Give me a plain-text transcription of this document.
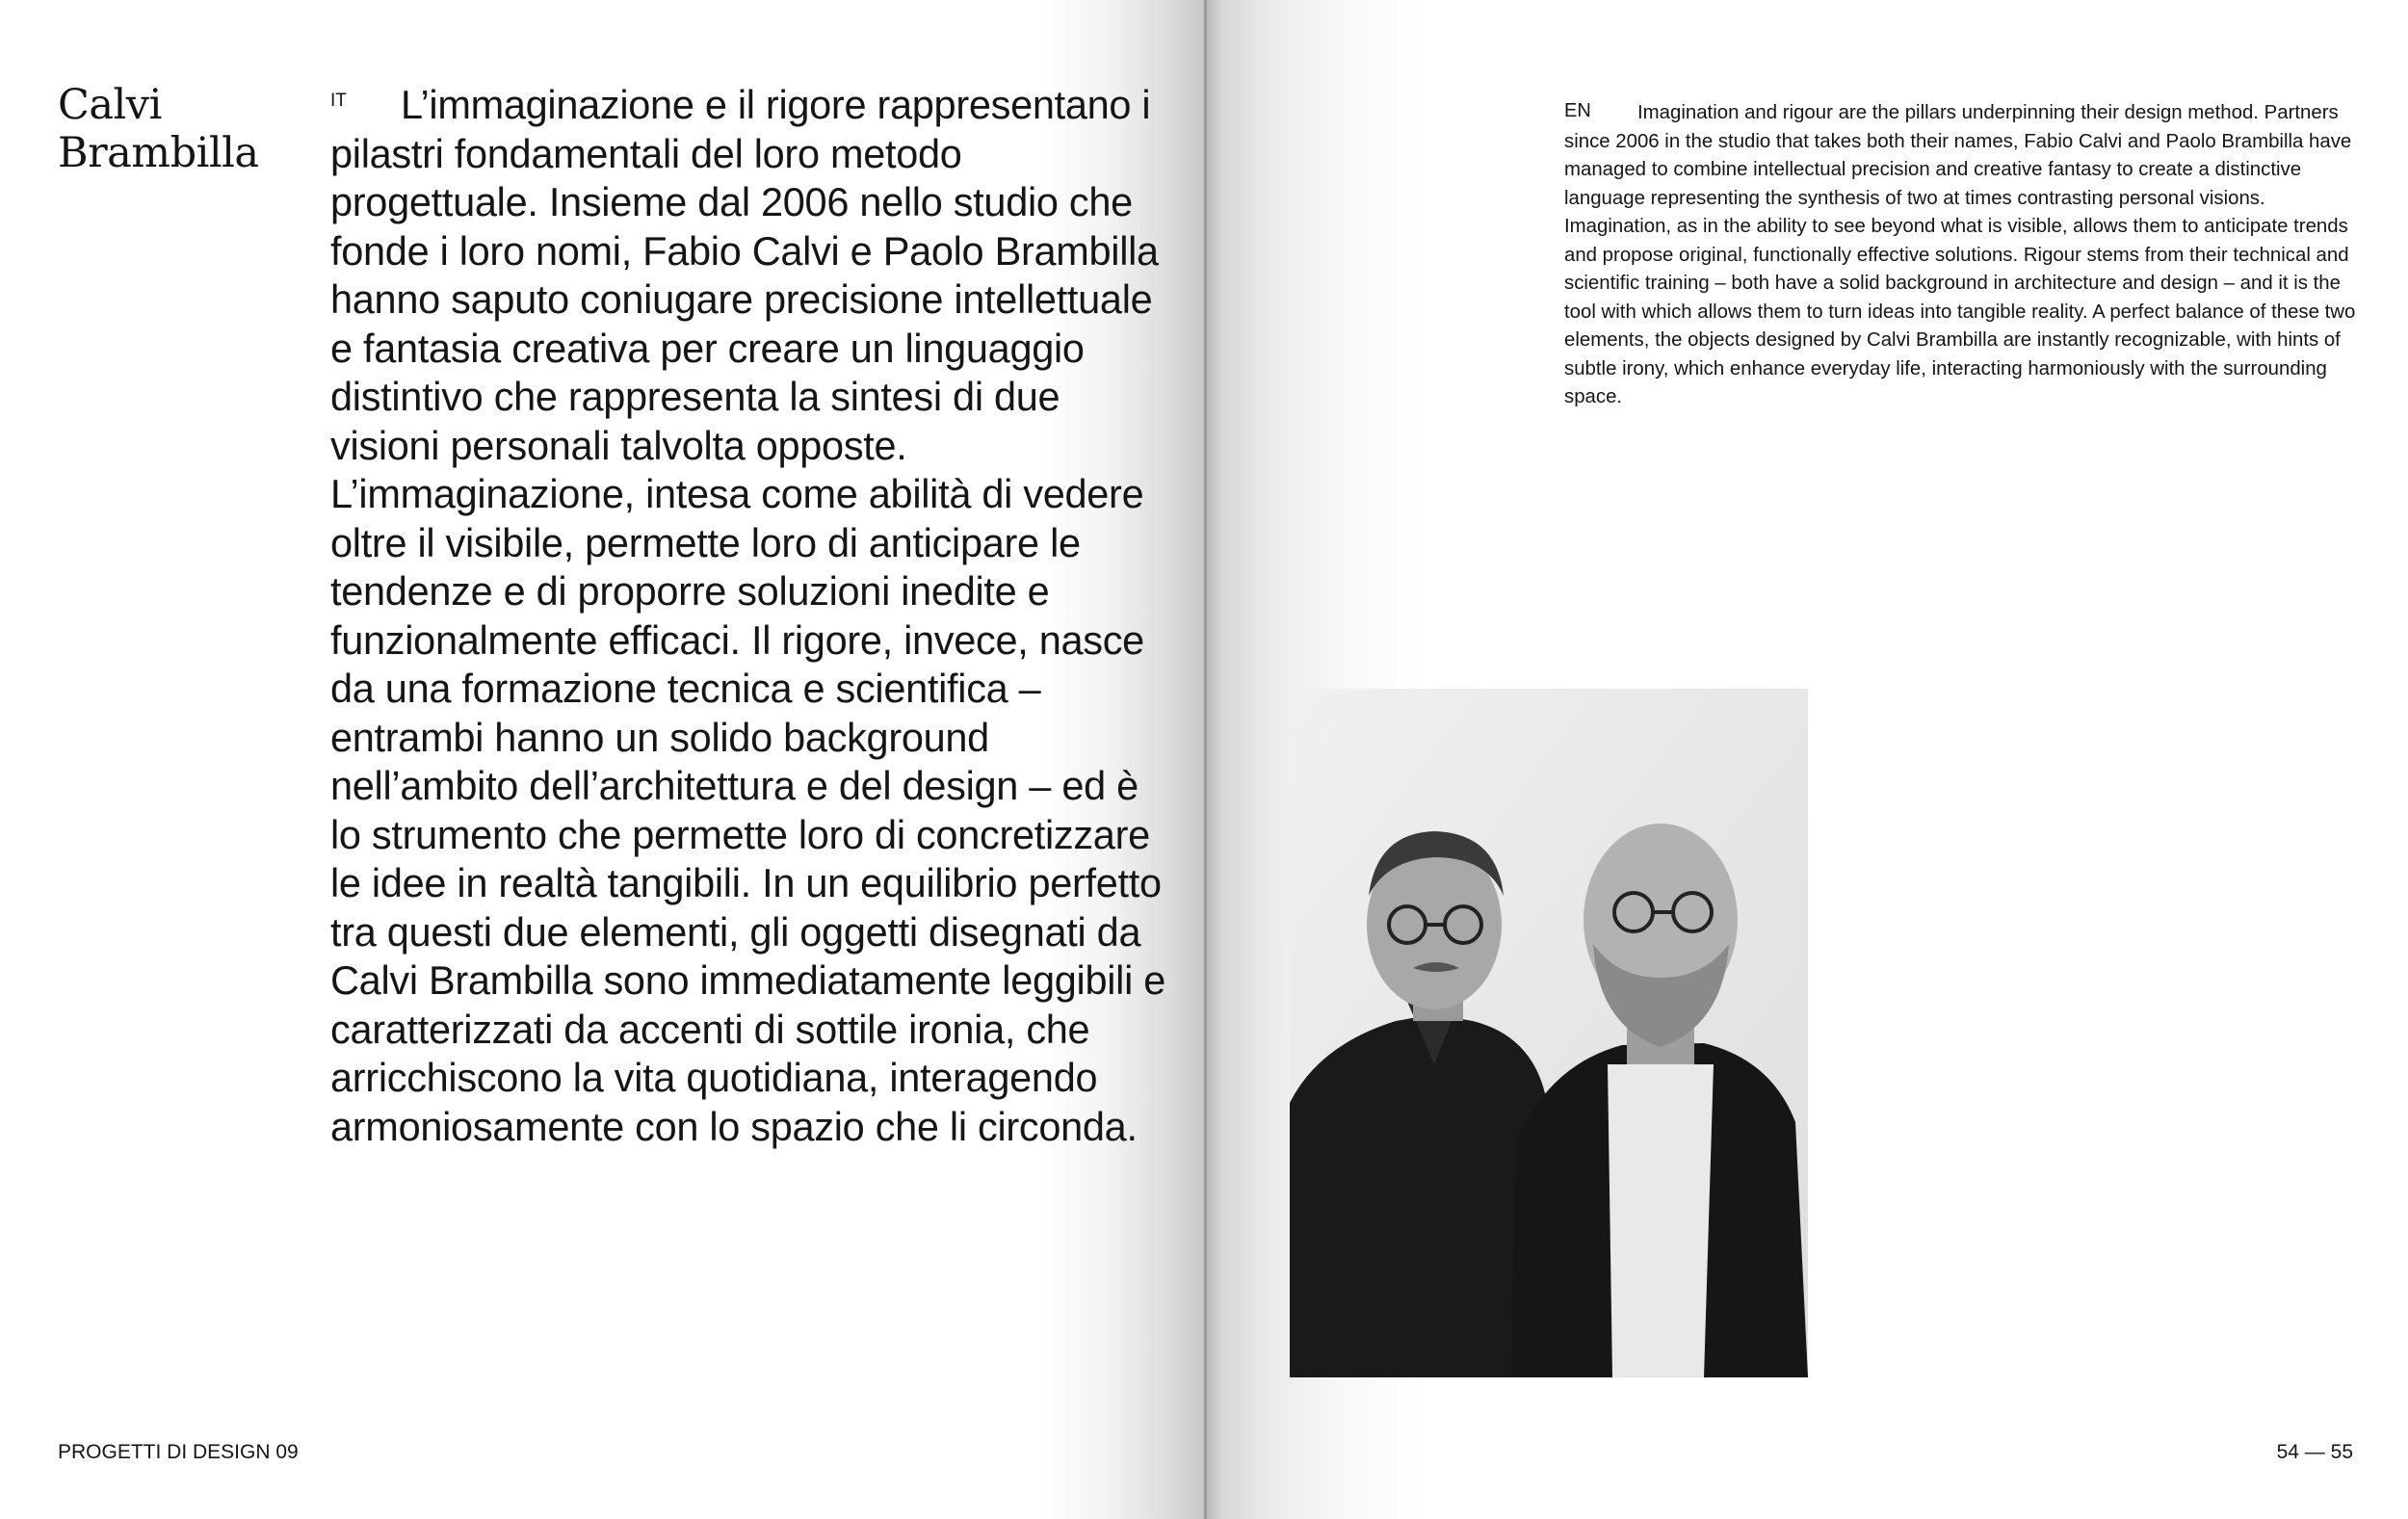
Calvi
Brambilla
IT	L’immaginazione e il rigore rappresentano i pilastri fondamentali del loro metodo progettuale. Insieme dal 2006 nello studio che fonde i loro nomi, Fabio Calvi e Paolo Brambilla hanno saputo coniugare precisione intellettuale e fantasia creativa per creare un linguaggio distintivo che rappresenta la sintesi di due visioni personali talvolta opposte. L’immaginazione, intesa come abilità di vedere oltre il visibile, permette loro di anticipare le tendenze e di proporre soluzioni inedite e funzionalmente efficaci. Il rigore, invece, nasce da una formazione tecnica e scientifica – entrambi hanno un solido background nell’ambito dell’architettura e del design – ed è lo strumento che permette loro di concretizzare le idee in realtà tangibili. In un equilibrio perfetto tra questi due elementi, gli oggetti disegnati da Calvi Brambilla sono immediatamente leggibili e caratterizzati da accenti di sottile ironia, che arricchiscono la vita quotidiana, interagendo armoniosamente con lo spazio che li circonda.

EN	Imagination and rigour are the pillars underpinning their design method. Partners since 2006 in the studio that takes both their names, Fabio Calvi and Paolo Brambilla have managed to combine intellectual precision and creative fantasy to create a distinctive language representing the synthesis of two at times contrasting personal visions. Imagination, as in the ability to see beyond what is visible, allows them to anticipate trends and propose original, functionally effective solutions. Rigour stems from their technical and scientific training – both have a solid background in architecture and design – and it is the tool with which allows them to turn ideas into tangible reality. A perfect balance of these two elements, the objects designed by Calvi Brambilla are instantly recognizable, with hints of subtle irony, which enhance everyday life, interacting harmoniously with the surrounding space.

PROGETTI DI DESIGN 09	54 — 55
